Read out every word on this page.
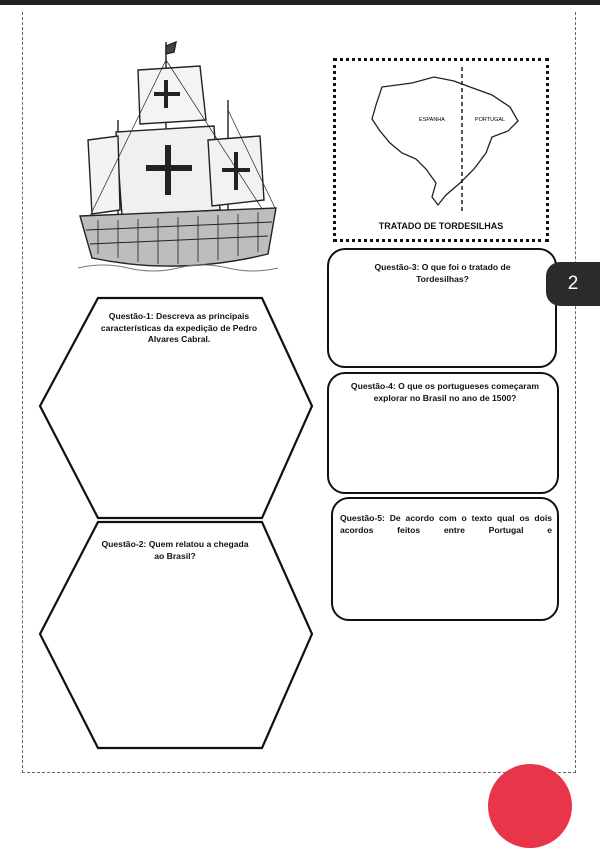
ESPANHA	PORTUGAL
TRATADO DE TORDESILHAS
Questão-1: Descreva as principais características da expedição de Pedro Alvares Cabral.
Questão-2: Quem relatou a chegada ao Brasil?
Questão-3: O que foi o tratado de Tordesilhas?
Questão-4: O que os portugueses começaram explorar no Brasil no ano de 1500?
Questão-5: De acordo com o texto qual os dois acordos feitos entre Portugal e
2
